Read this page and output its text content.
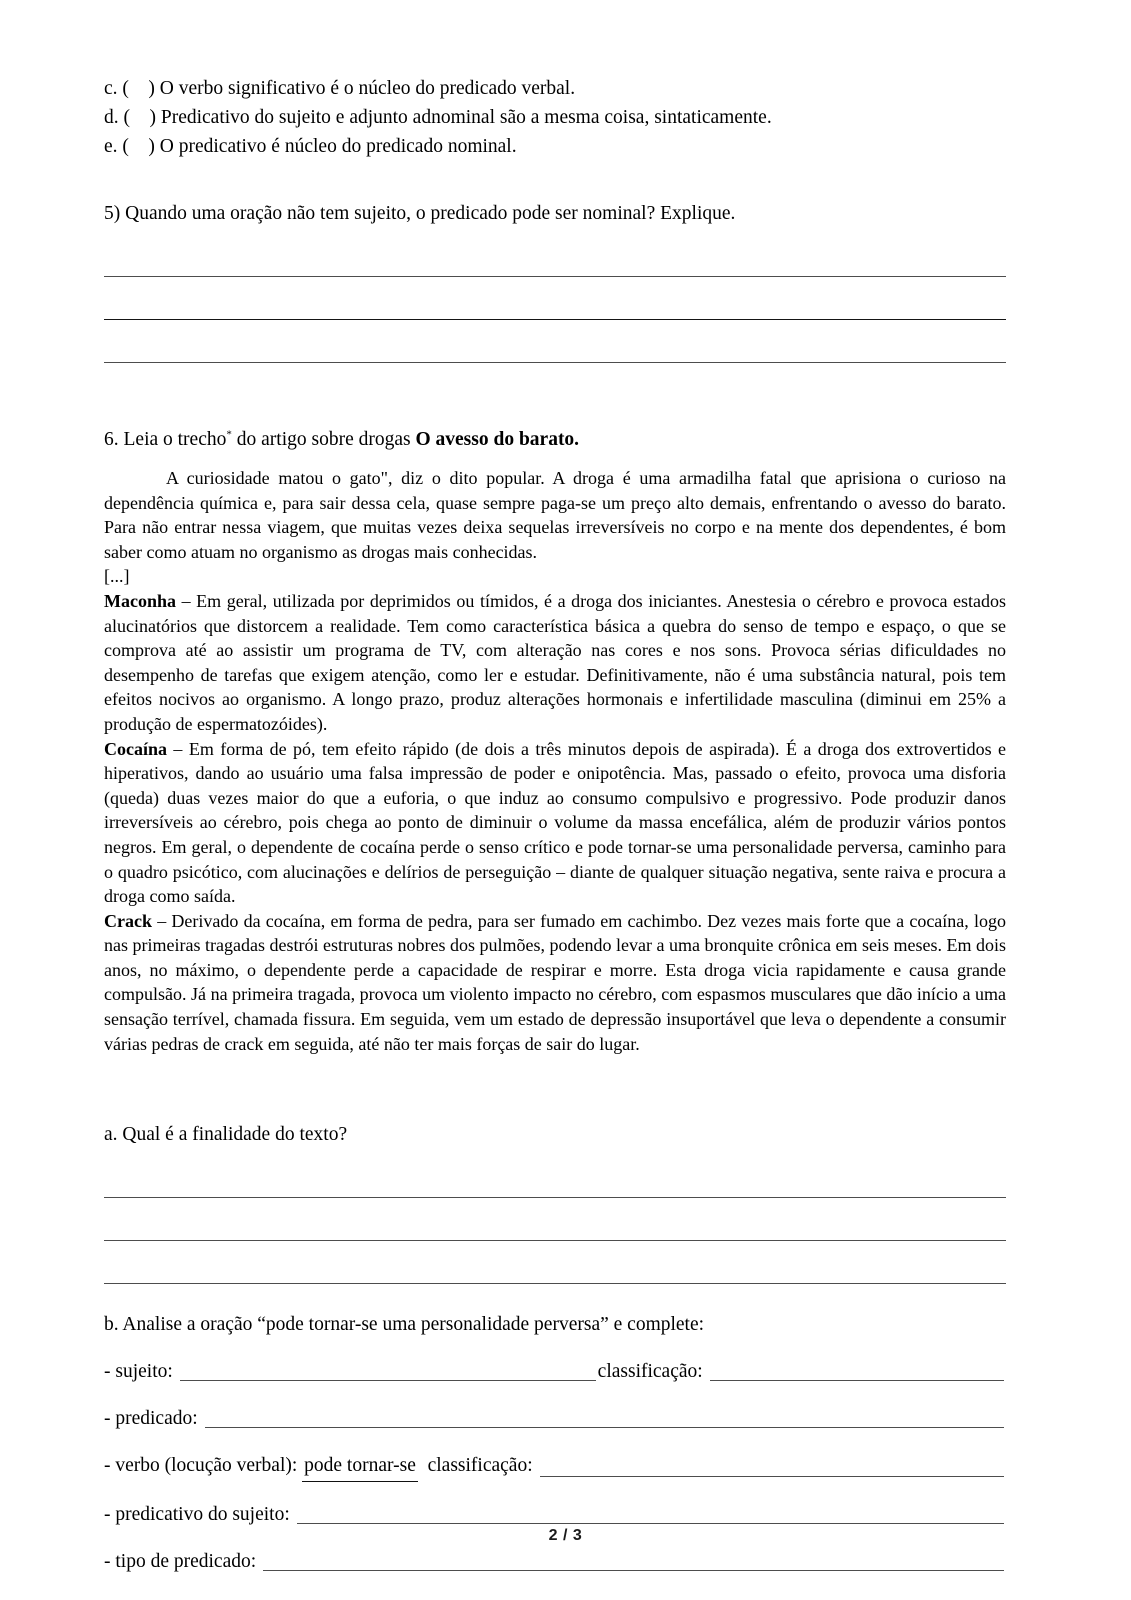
c. (    ) O verbo significativo é o núcleo do predicado verbal.
d. (    ) Predicativo do sujeito e adjunto adnominal são a mesma coisa, sintaticamente.
e. (    ) O predicativo é núcleo do predicado nominal.
5) Quando uma oração não tem sujeito, o predicado pode ser nominal? Explique.
6. Leia o trecho* do artigo sobre drogas O avesso do barato.

A curiosidade matou o gato", diz o dito popular. A droga é uma armadilha fatal que aprisiona o curioso na dependência química e, para sair dessa cela, quase sempre paga-se um preço alto demais, enfrentando o avesso do barato. Para não entrar nessa viagem, que muitas vezes deixa sequelas irreversíveis no corpo e na mente dos dependentes, é bom saber como atuam no organismo as drogas mais conhecidas.

[...]

Maconha – Em geral, utilizada por deprimidos ou tímidos, é a droga dos iniciantes. Anestesia o cérebro e provoca estados alucinatórios que distorcem a realidade. Tem como característica básica a quebra do senso de tempo e espaço, o que se comprova até ao assistir um programa de TV, com alteração nas cores e nos sons. Provoca sérias dificuldades no desempenho de tarefas que exigem atenção, como ler e estudar. Definitivamente, não é uma substância natural, pois tem efeitos nocivos ao organismo. A longo prazo, produz alterações hormonais e infertilidade masculina (diminui em 25% a produção de espermatozóides).

Cocaína – Em forma de pó, tem efeito rápido (de dois a três minutos depois de aspirada). É a droga dos extrovertidos e hiperativos, dando ao usuário uma falsa impressão de poder e onipotência. Mas, passado o efeito, provoca uma disforia (queda) duas vezes maior do que a euforia, o que induz ao consumo compulsivo e progressivo. Pode produzir danos irreversíveis ao cérebro, pois chega ao ponto de diminuir o volume da massa encefálica, além de produzir vários pontos negros. Em geral, o dependente de cocaína perde o senso crítico e pode tornar-se uma personalidade perversa, caminho para o quadro psicótico, com alucinações e delírios de perseguição – diante de qualquer situação negativa, sente raiva e procura a droga como saída.

Crack – Derivado da cocaína, em forma de pedra, para ser fumado em cachimbo. Dez vezes mais forte que a cocaína, logo nas primeiras tragadas destrói estruturas nobres dos pulmões, podendo levar a uma bronquite crônica em seis meses. Em dois anos, no máximo, o dependente perde a capacidade de respirar e morre. Esta droga vicia rapidamente e causa grande compulsão. Já na primeira tragada, provoca um violento impacto no cérebro, com espasmos musculares que dão início a uma sensação terrível, chamada fissura. Em seguida, vem um estado de depressão insuportável que leva o dependente a consumir várias pedras de crack em seguida, até não ter mais forças de sair do lugar.

a. Qual é a finalidade do texto?
b. Analise a oração “pode tornar-se uma personalidade perversa” e complete:
- sujeito:	classificação:
- predicado:
- verbo (locução verbal): pode tornar-se
classificação:
- predicativo do sujeito:
- tipo de predicado:
2 / 3
